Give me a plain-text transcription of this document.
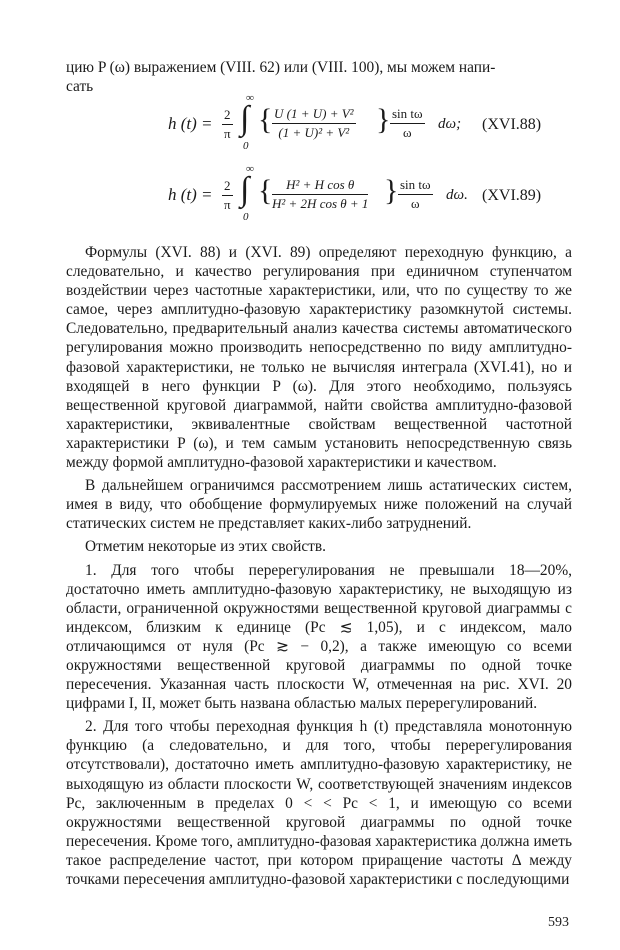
цию P (ω) выражением (VIII. 62) или (VIII. 100), мы можем напи-

сать

h $(t) = \frac{2}{\pi}$
∞
∫
0
{ $\frac{\text{U (1 + U) + V²}}{\text{(1 + U)² + V²}}$ } $\frac{\text{sin tω}}{\omega} d\omega$; (XVI.88)
h $(t) = \frac{2}{\pi}$
∞
∫
0
{ $\frac{\text{H² + H cos θ}}{\text{H² + 2H cos θ + 1}}$ } $\frac{\text{sin tω}}{\omega} d\omega$. (XVI.89)

Формулы (XVI. 88) и (XVI. 89) определяют переходную функцию, а следовательно, и качество регулирования при единичном ступенчатом воздействии через частотные характеристики, или, что по существу то же самое, через амплитудно-фазовую характеристику разомкнутой системы. Следовательно, предварительный анализ качества системы автоматического регулирования можно производить непосредственно по виду амплитудно-фазовой характеристики, не только не вычисляя интеграла (XVI.41), но и входящей в него функции P (ω). Для этого необходимо, пользуясь вещественной круговой диаграммой, найти свойства амплитудно-фазовой характеристики, эквивалентные свойствам вещественной частотной характеристики P (ω), и тем самым установить непосредственную связь между формой амплитудно-фазовой характеристики и качеством.

В дальнейшем ограничимся рассмотрением лишь астатических систем, имея в виду, что обобщение формулируемых ниже положений на случай статических систем не представляет каких-либо затруднений.

Отметим некоторые из этих свойств.

1. Для того чтобы перерегулирования не превышали 18—20%, достаточно иметь амплитудно-фазовую характеристику, не выходящую из области, ограниченной окружностями вещественной круговой диаграммы с индексом, близким к единице (Pс ≲ 1,05), и с индексом, мало отличающимся от нуля (Pс ≳ − 0,2), а также имеющую со всеми окружностями вещественной круговой диаграммы по одной точке пересечения. Указанная часть плоскости W, отмеченная на рис. XVI. 20 цифрами I, II, может быть названа областью малых перерегулирований.

2. Для того чтобы переходная функция h (t) представляла монотонную функцию (а следовательно, и для того, чтобы перерегулирования отсутствовали), достаточно иметь амплитудно-фазовую характеристику, не выходящую из области плоскости W, соответствующей значениям индексов Pс, заключенным в пределах 0 < < Pс < 1, и имеющую со всеми окружностями вещественной круговой диаграммы по одной точке пересечения. Кроме того, амплитудно-фазовая характеристика должна иметь такое распределение частот, при котором приращение частоты Δ между точками пересечения амплитудно-фазовой характеристики с последующими

593
